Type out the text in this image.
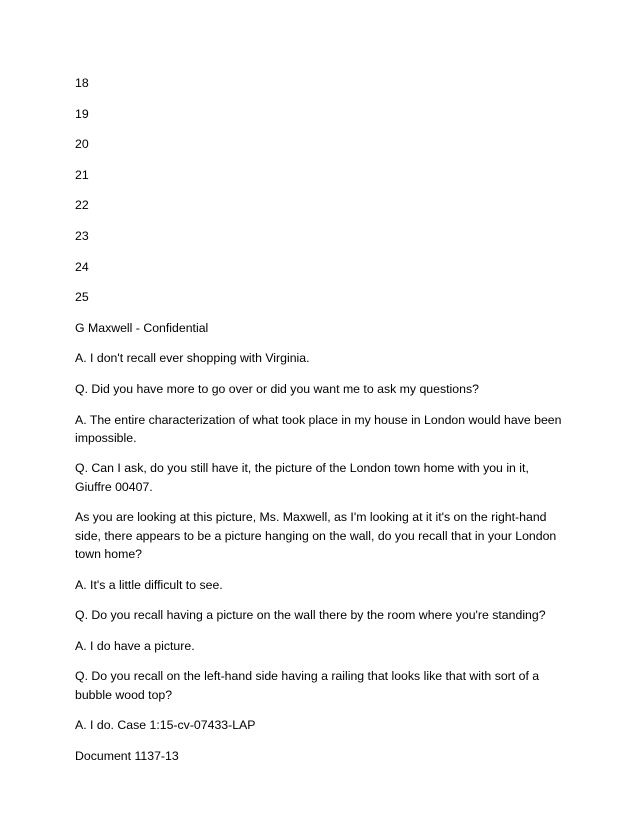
18
19
20
21
22
23
24
25
G Maxwell - Confidential
A. I don't recall ever shopping with Virginia.
Q. Did you have more to go over or did you want me to ask my questions?
A. The entire characterization of what took place in my house in London would have been impossible.
Q. Can I ask, do you still have it, the picture of the London town home with you in it, Giuffre 00407.
As you are looking at this picture, Ms. Maxwell, as I'm looking at it it's on the right-hand side, there appears to be a picture hanging on the wall, do you recall that in your London town home?
A. It's a little difficult to see.
Q. Do you recall having a picture on the wall there by the room where you're standing?
A. I do have a picture.
Q. Do you recall on the left-hand side having a railing that looks like that with sort of a bubble wood top?
A. I do. Case 1:15-cv-07433-LAP
Document 1137-13
